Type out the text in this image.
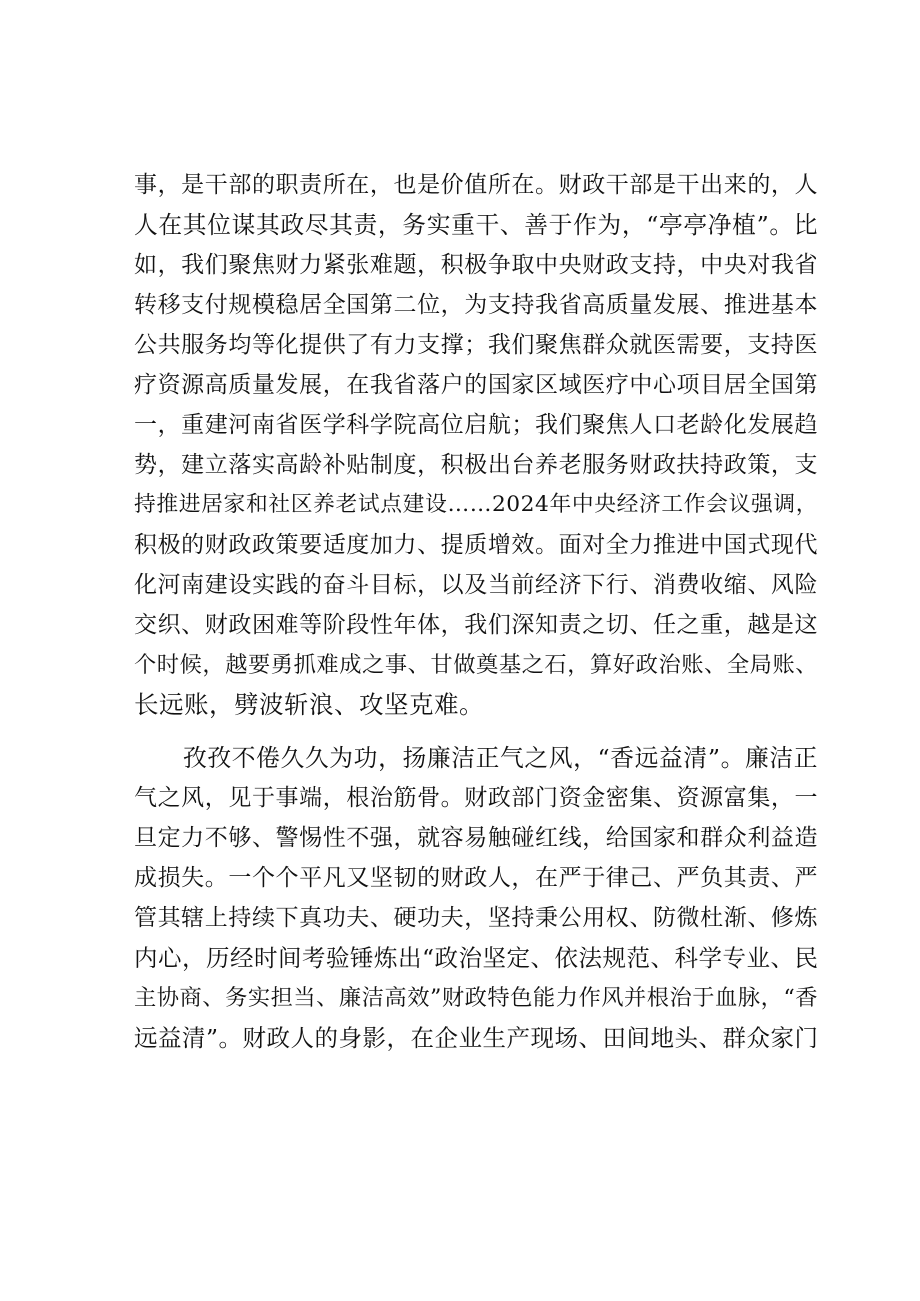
事，是干部的职责所在，也是价值所在。财政干部是干出来的，人
人在其位谋其政尽其责，务实重干、善于作为，“亭亭净植”。比
如，我们聚焦财力紧张难题，积极争取中央财政支持，中央对我省
转移支付规模稳居全国第二位，为支持我省高质量发展、推进基本
公共服务均等化提供了有力支撑；我们聚焦群众就医需要，支持医
疗资源高质量发展，在我省落户的国家区域医疗中心项目居全国第
一，重建河南省医学科学院高位启航；我们聚焦人口老龄化发展趋
势，建立落实高龄补贴制度，积极出台养老服务财政扶持政策，支
持推进居家和社区养老试点建设……2024年中央经济工作会议强调，
积极的财政政策要适度加力、提质增效。面对全力推进中国式现代
化河南建设实践的奋斗目标，以及当前经济下行、消费收缩、风险
交织、财政困难等阶段性年体，我们深知责之切、任之重，越是这
个时候，越要勇抓难成之事、甘做奠基之石，算好政治账、全局账、
长远账，劈波斩浪、攻坚克难。
孜孜不倦久久为功，扬廉洁正气之风，“香远益清”。廉洁正
气之风，见于事端，根治筋骨。财政部门资金密集、资源富集，一
旦定力不够、警惕性不强，就容易触碰红线，给国家和群众利益造
成损失。一个个平凡又坚韧的财政人，在严于律己、严负其责、严
管其辖上持续下真功夫、硬功夫，坚持秉公用权、防微杜渐、修炼
内心，历经时间考验锤炼出“政治坚定、依法规范、科学专业、民
主协商、务实担当、廉洁高效”财政特色能力作风并根治于血脉，“香
远益清”。财政人的身影，在企业生产现场、田间地头、群众家门
